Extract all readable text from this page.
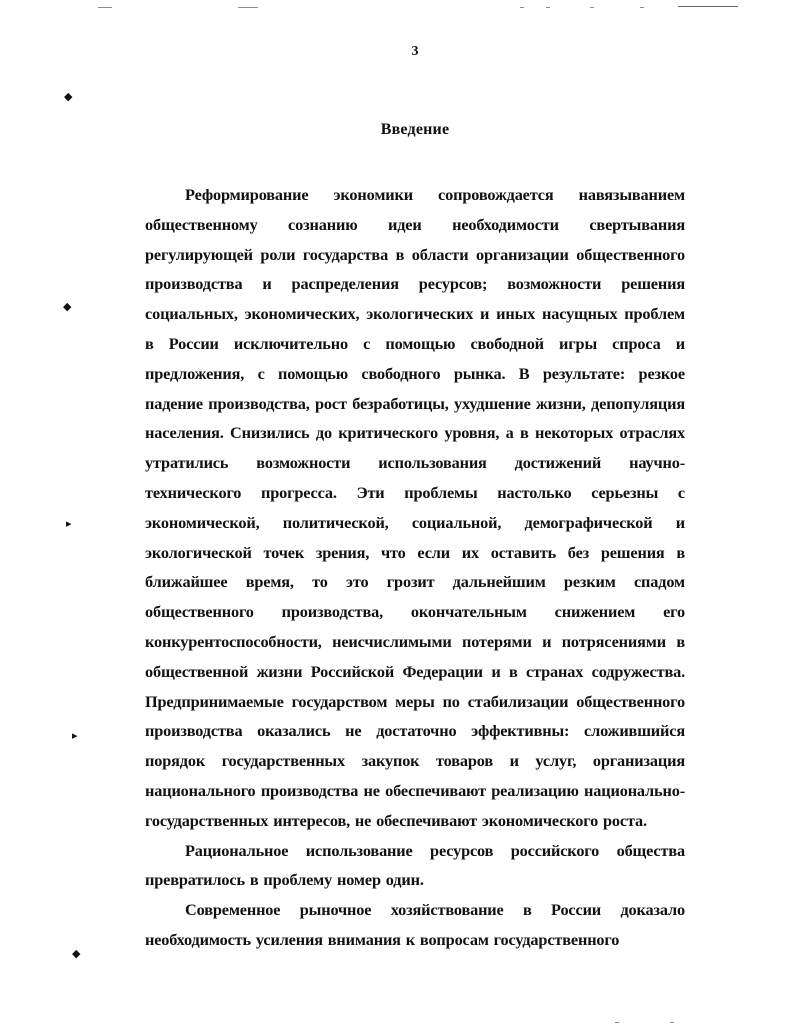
◆
◆
▸
▸
◆
3
Введение

Реформирование экономики сопровождается навязыванием общественному сознанию идеи необходимости свертывания регулирующей роли государства в области организации общественного производства и распределения ресурсов; возможности решения социальных, экономических, экологических и иных насущных проблем в России исключительно с помощью свободной игры спроса и предложения, с помощью свободного рынка. В результате: резкое падение производства, рост безработицы, ухудшение жизни, депопуляция населения. Снизились до критического уровня, а в некоторых отраслях утратились возможности использования достижений научно-технического прогресса. Эти проблемы настолько серьезны с экономической, политической, социальной, демографической и экологической точек зрения, что если их оставить без решения в ближайшее время, то это грозит дальнейшим резким спадом общественного производства, окончательным снижением его конкурентоспособности, неисчислимыми потерями и потрясениями в общественной жизни Российской Федерации и в странах содружества. Предпринимаемые государством меры по стабилизации общественного производства оказались не достаточно эффективны: сложившийся порядок государственных закупок товаров и услуг, организация национального производства не обеспечивают реализацию национально-государственных интересов, не обеспечивают экономического роста.

Рациональное использование ресурсов российского общества превратилось в проблему номер один.

Современное рыночное хозяйствование в России доказало необходимость усиления внимания к вопросам государственного
